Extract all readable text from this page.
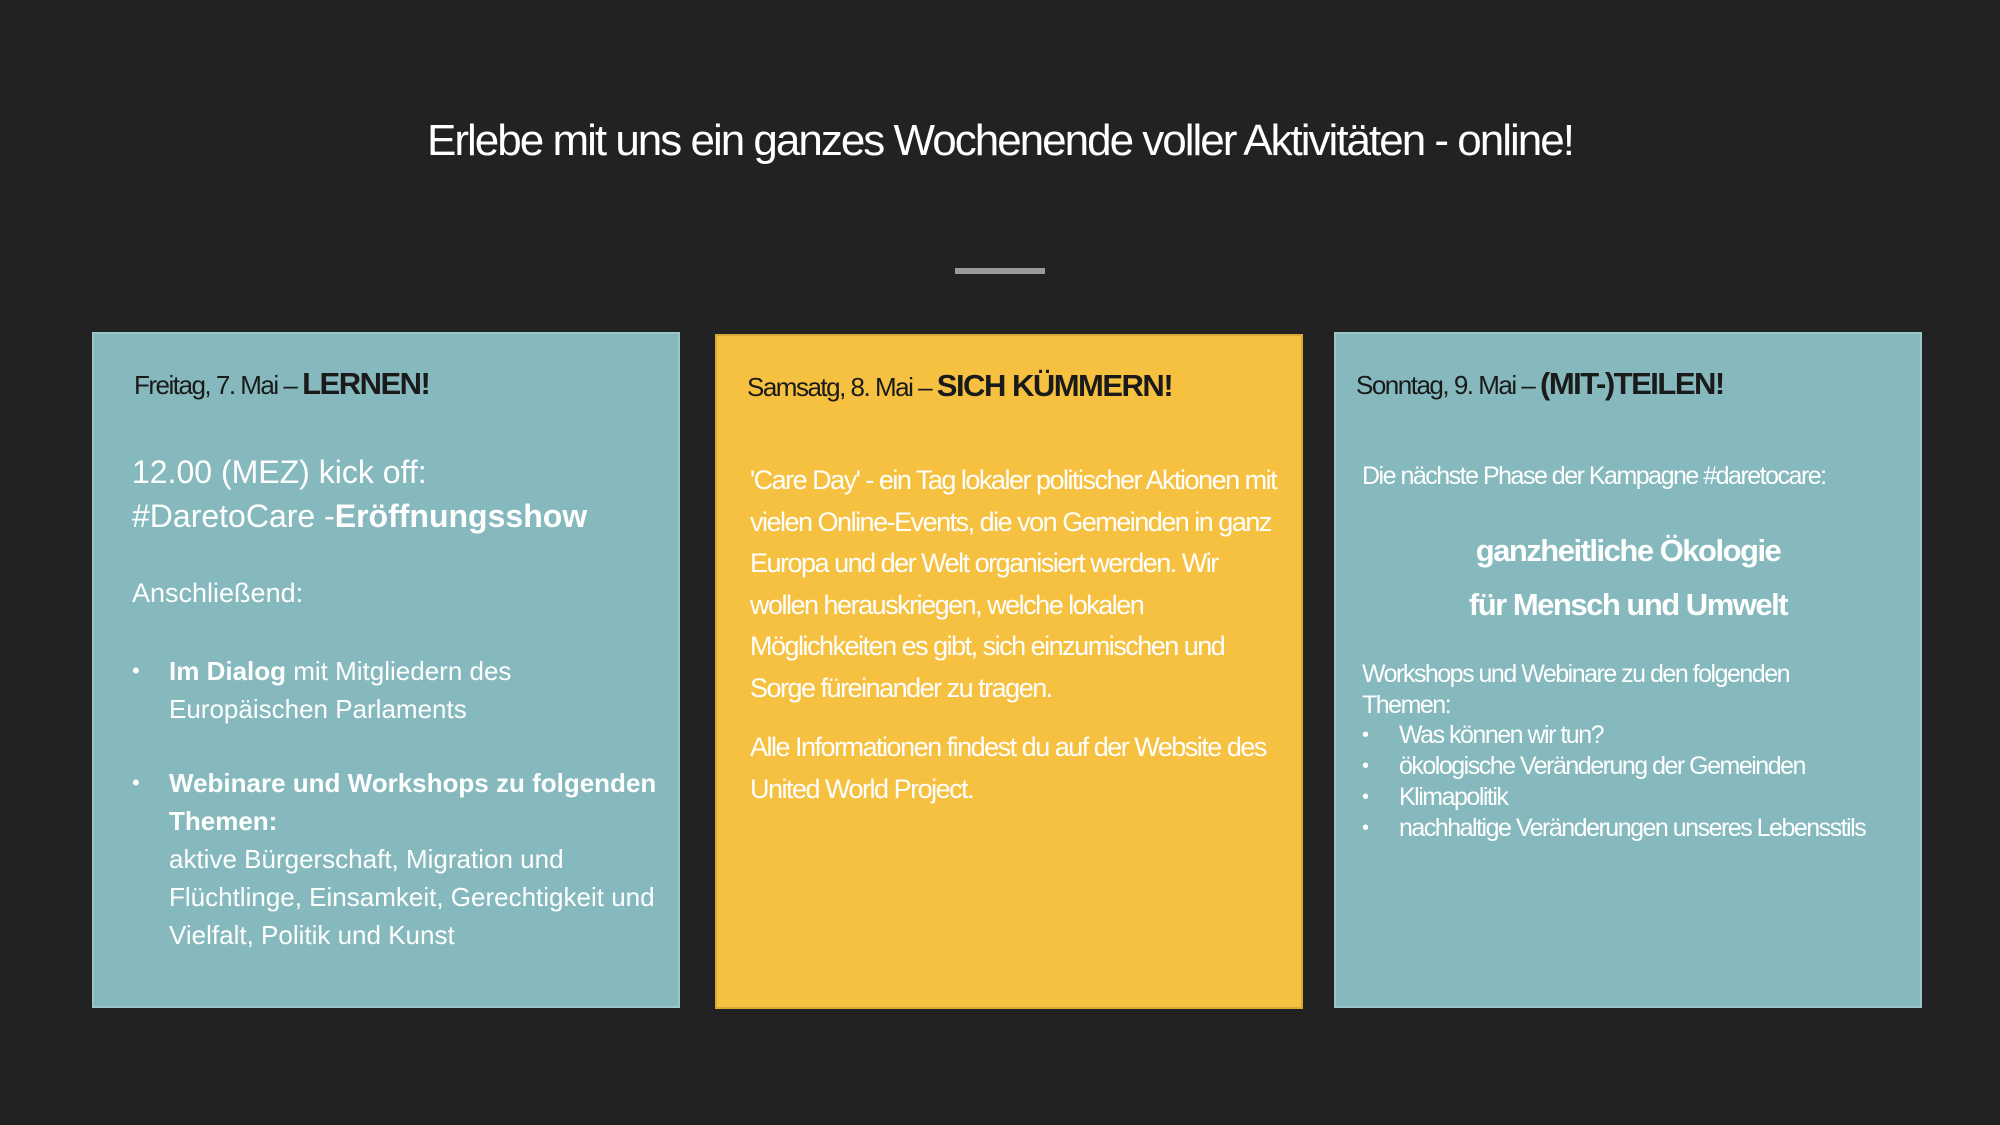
Erlebe mit uns ein ganzes Wochenende voller Aktivitäten - online!
Freitag, 7. Mai – LERNEN!
12.00 (MEZ) kick off:
#DaretoCare -Eröffnungsshow
Anschließend:
• Im Dialog mit Mitgliedern des Europäischen Parlaments
• Webinare und Workshops zu folgenden Themen:
aktive Bürgerschaft, Migration und Flüchtlinge, Einsamkeit, Gerechtigkeit und Vielfalt, Politik und Kunst
Samsatg, 8. Mai – SICH KÜMMERN!

'Care Day' - ein Tag lokaler politischer Aktionen mit vielen Online-Events, die von Gemeinden in ganz Europa und der Welt organisiert werden. Wir wollen herauskriegen, welche lokalen Möglichkeiten es gibt, sich einzumischen und Sorge füreinander zu tragen.

Alle Informationen findest du auf der Website des United World Project.

Sonntag, 9. Mai – (MIT-)TEILEN!
Die nächste Phase der Kampagne #daretocare:
ganzheitliche Ökologie
für Mensch und Umwelt
Workshops und Webinare zu den folgenden Themen:
• Was können wir tun?
• ökologische Veränderung der Gemeinden
• Klimapolitik
• nachhaltige Veränderungen unseres Lebensstils
